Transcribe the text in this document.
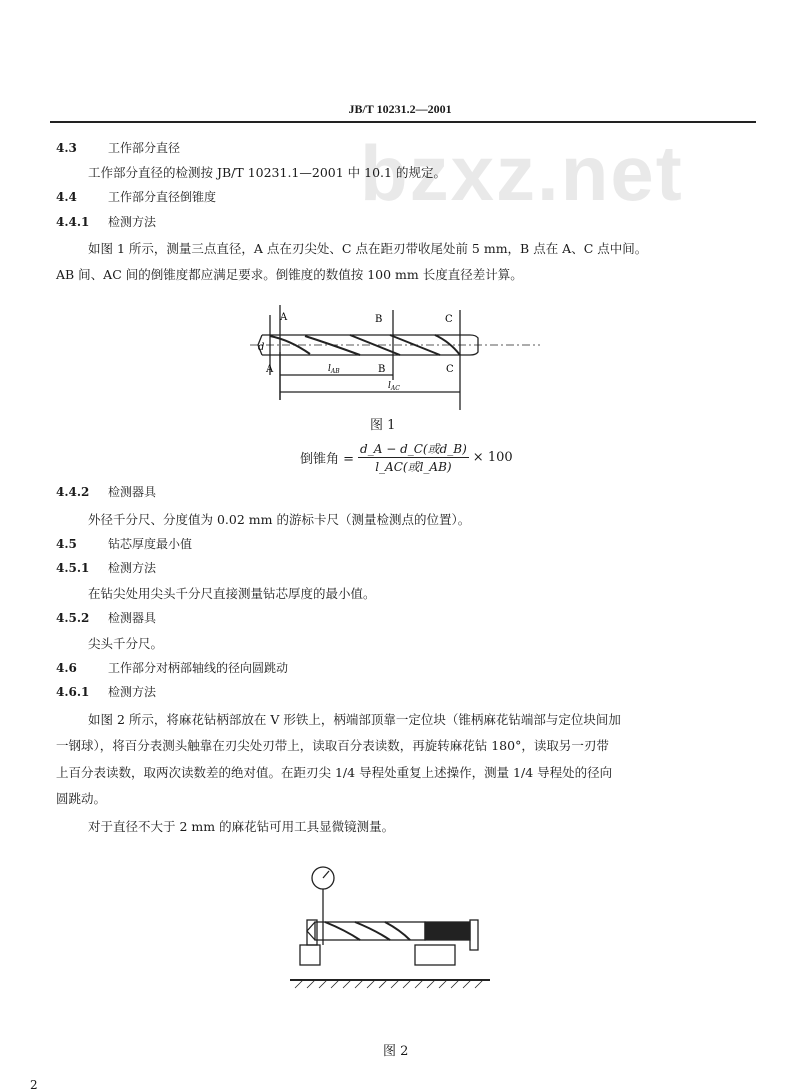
bzxz.net
JB/T 10231.2—2001
4.3	工作部分直径
工作部分直径的检测按 JB/T 10231.1—2001 中 10.1 的规定。
4.4	工作部分直径倒锥度
4.4.1 检测方法
如图 1 所示，测量三点直径，A 点在刃尖处、C 点在距刃带收尾处前 5 mm，B 点在 A、C 点中间。
AB 间、AC 间的倒锥度都应满足要求。倒锥度的数值按 100 mm 长度直径差计算。
A	B	C
d
A	B	C
$l_{AB}$
$l_{AC}$
图 1
倒锥角 = $\frac{\text{d\_A − d\_C(或d\_B)}}{\text{l\_AC(或l\_AB)}} \times 100$
4.4.2 检测器具
外径千分尺、分度值为 0.02 mm 的游标卡尺（测量检测点的位置）。
4.5	钻芯厚度最小值
4.5.1 检测方法
在钻尖处用尖头千分尺直接测量钻芯厚度的最小值。
4.5.2 检测器具
尖头千分尺。
4.6	工作部分对柄部轴线的径向圆跳动
4.6.1 检测方法
如图 2 所示，将麻花钻柄部放在 V 形铁上，柄端部顶靠一定位块（锥柄麻花钻端部与定位块间加
一钢球），将百分表测头触靠在刃尖处刃带上，读取百分表读数，再旋转麻花钻 180°，读取另一刃带
上百分表读数，取两次读数差的绝对值。在距刃尖 1/4 导程处重复上述操作，测量 1/4 导程处的径向
圆跳动。
对于直径不大于 2 mm 的麻花钻可用工具显微镜测量。
图 2
2
